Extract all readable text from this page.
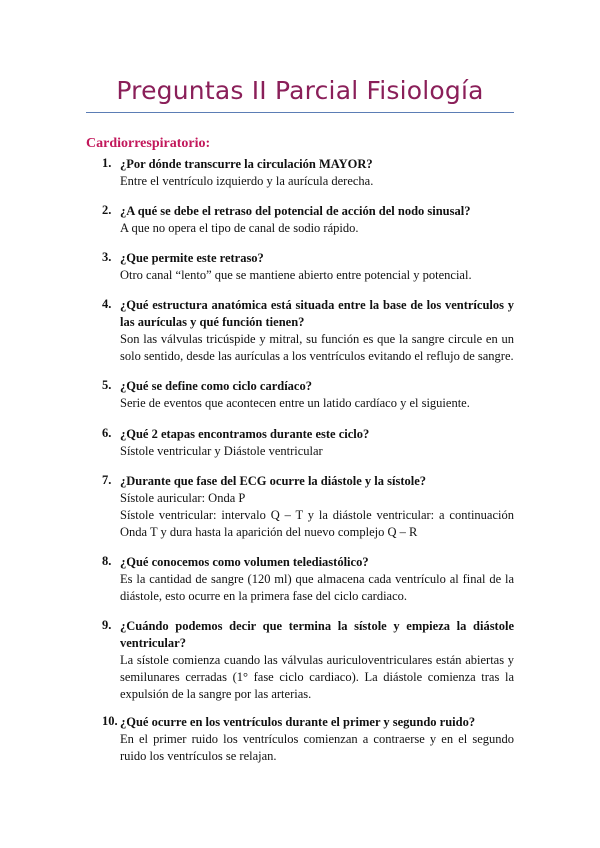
Preguntas II Parcial Fisiología
Cardiorrespiratorio:
1. ¿Por dónde transcurre la circulación MAYOR?
Entre el ventrículo izquierdo y la aurícula derecha.
2. ¿A qué se debe el retraso del potencial de acción del nodo sinusal?
A que no opera el tipo de canal de sodio rápido.
3. ¿Que permite este retraso?
Otro canal “lento” que se mantiene abierto entre potencial y potencial.
4. ¿Qué estructura anatómica está situada entre la base de los ventrículos y las aurículas y qué función tienen?
Son las válvulas tricúspide y mitral, su función es que la sangre circule en un solo sentido, desde las aurículas a los ventrículos evitando el reflujo de sangre.
5. ¿Qué se define como ciclo cardíaco?
Serie de eventos que acontecen entre un latido cardíaco y el siguiente.
6. ¿Qué 2 etapas encontramos durante este ciclo?
Sístole ventricular y Diástole ventricular
7. ¿Durante que fase del ECG ocurre la diástole y la sístole?
Sístole auricular: Onda P
Sístole ventricular: intervalo Q – T y la diástole ventricular: a continuación Onda T y dura hasta la aparición del nuevo complejo Q – R
8. ¿Qué conocemos como volumen telediastólico?
Es la cantidad de sangre (120 ml) que almacena cada ventrículo al final de la diástole, esto ocurre en la primera fase del ciclo cardiaco.
9. ¿Cuándo podemos decir que termina la sístole y empieza la diástole ventricular?
La sístole comienza cuando las válvulas auriculoventriculares están abiertas y semilunares cerradas (1° fase ciclo cardiaco). La diástole comienza tras la expulsión de la sangre por las arterias.
10. ¿Qué ocurre en los ventrículos durante el primer y segundo ruido?
En el primer ruido los ventrículos comienzan a contraerse y en el segundo ruido los ventrículos se relajan.
